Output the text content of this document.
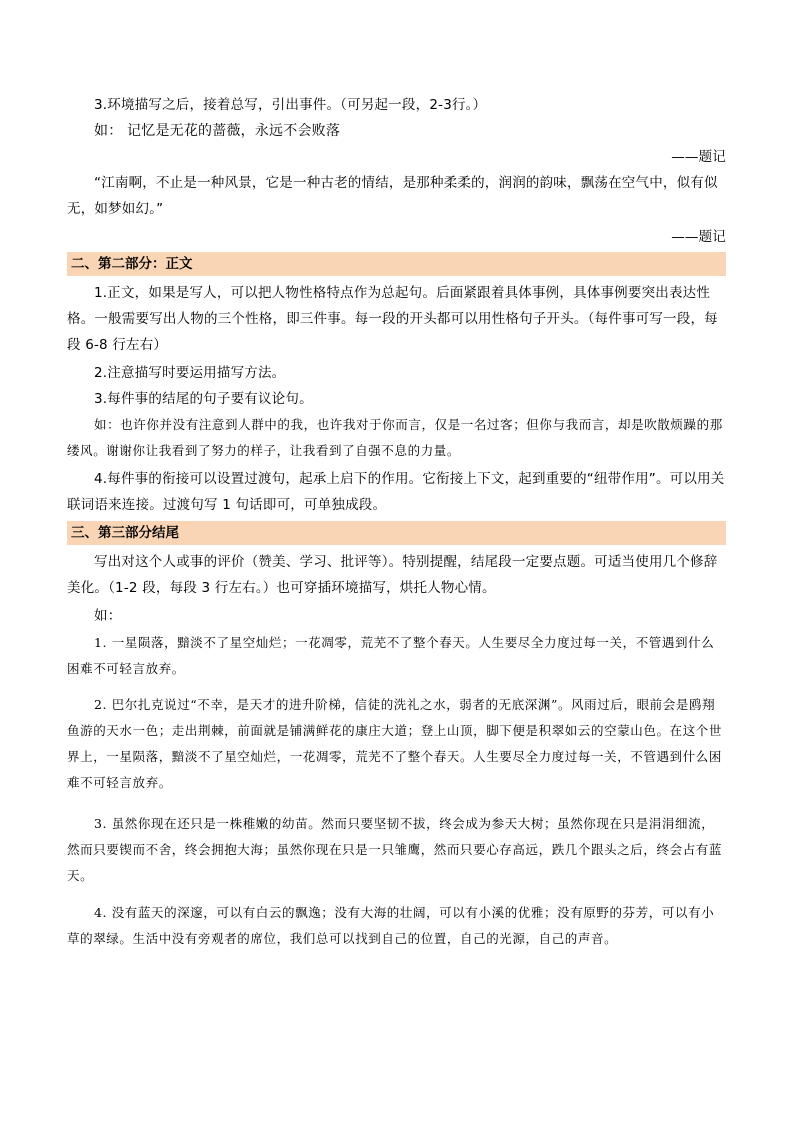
3.环境描写之后，接着总写，引出事件。（可另起一段，2-3行。）

如： 记忆是无花的蔷薇，永远不会败落

——题记

“江南啊，不止是一种风景，它是一种古老的情结，是那种柔柔的，润润的韵味，飘荡在空气中，似有似无，如梦如幻。”

——题记

二、第二部分：正文

1.正文，如果是写人，可以把人物性格特点作为总起句。后面紧跟着具体事例，具体事例要突出表达性格。一般需要写出人物的三个性格，即三件事。每一段的开头都可以用性格句子开头。（每件事可写一段，每段 6-8 行左右）

2.注意描写时要运用描写方法。

3.每件事的结尾的句子要有议论句。

如：也许你并没有注意到人群中的我，也许我对于你而言，仅是一名过客；但你与我而言，却是吹散烦躁的那缕风。谢谢你让我看到了努力的样子，让我看到了自强不息的力量。

4.每件事的衔接可以设置过渡句，起承上启下的作用。它衔接上下文，起到重要的“纽带作用”。可以用关联词语来连接。过渡句写 1 句话即可，可单独成段。

三、第三部分结尾

写出对这个人或事的评价（赞美、学习、批评等）。特别提醒，结尾段一定要点题。可适当使用几个修辞美化。（1-2 段，每段 3 行左右。）也可穿插环境描写，烘托人物心情。

如：

1. 一星陨落，黯淡不了星空灿烂；一花凋零，荒芜不了整个春天。人生要尽全力度过每一关，不管遇到什么困难不可轻言放弃。

2. 巴尔扎克说过“不幸，是天才的进升阶梯，信徒的洗礼之水，弱者的无底深渊”。风雨过后，眼前会是鸥翔鱼游的天水一色；走出荆棘，前面就是铺满鲜花的康庄大道；登上山顶，脚下便是积翠如云的空蒙山色。在这个世界上，一星陨落，黯淡不了星空灿烂，一花凋零，荒芜不了整个春天。人生要尽全力度过每一关，不管遇到什么困难不可轻言放弃。

3. 虽然你现在还只是一株稚嫩的幼苗。然而只要坚韧不拔，终会成为参天大树；虽然你现在只是涓涓细流，然而只要锲而不舍，终会拥抱大海；虽然你现在只是一只雏鹰，然而只要心存高远，跌几个跟头之后，终会占有蓝天。

4. 没有蓝天的深邃，可以有白云的飘逸；没有大海的壮阔，可以有小溪的优雅；没有原野的芬芳，可以有小草的翠绿。生活中没有旁观者的席位，我们总可以找到自己的位置，自己的光源，自己的声音。
